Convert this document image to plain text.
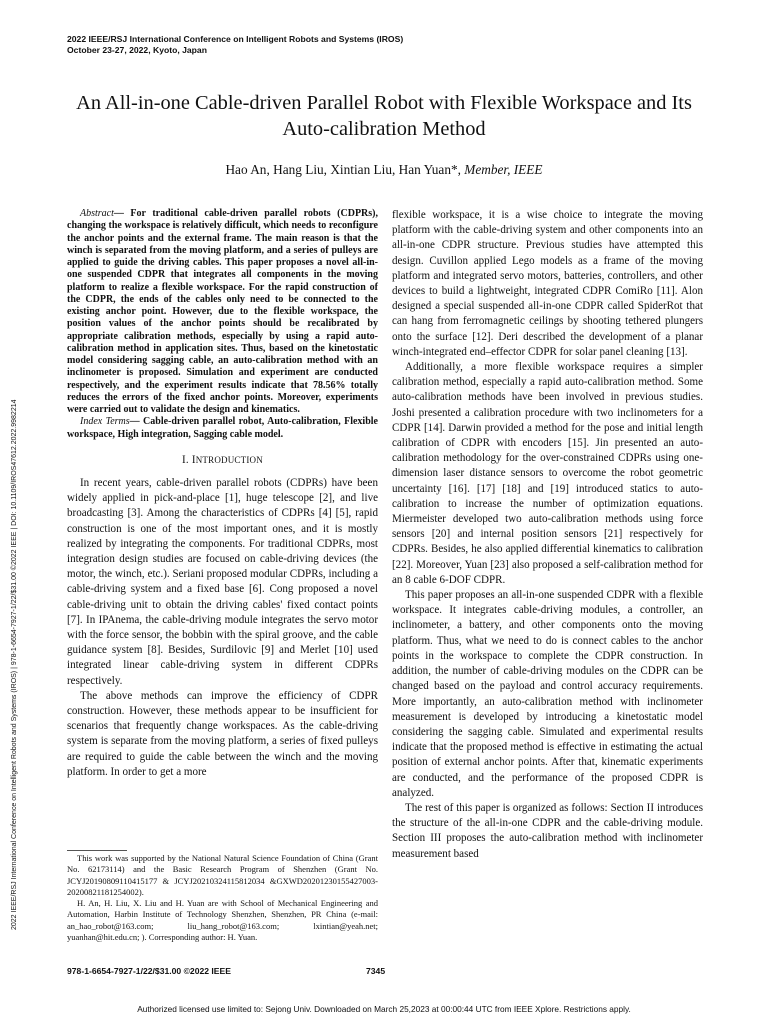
2022 IEEE/RSJ International Conference on Intelligent Robots and Systems (IROS)
October 23-27, 2022, Kyoto, Japan
2022 IEEE/RSJ International Conference on Intelligent Robots and Systems (IROS) | 978-1-6654-7927-1/22/$31.00 ©2022 IEEE | DOI: 10.1109/IROS47612.2022.9982214
An All-in-one Cable-driven Parallel Robot with Flexible Workspace and Its
Auto-calibration Method
Hao An, Hang Liu, Xintian Liu, Han Yuan*, Member, IEEE

Abstract— For traditional cable-driven parallel robots (CDPRs), changing the workspace is relatively difficult, which needs to reconfigure the anchor points and the external frame. The main reason is that the winch is separated from the moving platform, and a series of pulleys are applied to guide the driving cables. This paper proposes a novel all-in-one suspended CDPR that integrates all components in the moving platform to realize a flexible workspace. For the rapid construction of the CDPR, the ends of the cables only need to be connected to the existing anchor point. However, due to the flexible workspace, the position values of the anchor points should be recalibrated by appropriate calibration methods, especially by using a rapid auto-calibration method in application sites. Thus, based on the kinetostatic model considering sagging cable, an auto-calibration method with an inclinometer is proposed. Simulation and experiment are conducted respectively, and the experiment results indicate that 78.56% totally reduces the errors of the fixed anchor points. Moreover, experiments were carried out to validate the design and kinematics.

Index Terms— Cable-driven parallel robot, Auto-calibration, Flexible workspace, High integration, Sagging cable model.

I. INTRODUCTION

In recent years, cable-driven parallel robots (CDPRs) have been widely applied in pick-and-place [1], huge telescope [2], and live broadcasting [3]. Among the characteristics of CDPRs [4] [5], rapid construction is one of the most important ones, and it is mostly realized by integrating the components. For traditional CDPRs, most integration design studies are focused on cable-driving devices (the motor, the winch, etc.). Seriani proposed modular CDPRs, including a cable-driving system and a fixed base [6]. Cong proposed a novel cable-driving unit to obtain the driving cables' fixed contact points [7]. In IPAnema, the cable-driving module integrates the servo motor with the force sensor, the bobbin with the spiral groove, and the cable guidance system [8]. Besides, Surdilovic [9] and Merlet [10] used integrated linear cable-driving system in different CDPRs respectively.

The above methods can improve the efficiency of CDPR construction. However, these methods appear to be insufficient for scenarios that frequently change workspaces. As the cable-driving system is separate from the moving platform, a series of fixed pulleys are required to guide the cable between the winch and the moving platform. In order to get a more

This work was supported by the National Natural Science Foundation of China (Grant No. 62173114) and the Basic Research Program of Shenzhen (Grant No. JCYJ20190809110415177 & JCYJ20210324115812034 &GXWD20201230155427003-20200821181254002).

H. An, H. Liu, X. Liu and H. Yuan are with School of Mechanical Engineering and Automation, Harbin Institute of Technology Shenzhen, Shenzhen, PR China (e-mail: an_hao_robot@163.com; liu_hang_robot@163.com; lxintian@yeah.net; yuanhan@hit.edu.cn; ). Corresponding author: H. Yuan.

flexible workspace, it is a wise choice to integrate the moving platform with the cable-driving system and other components into an all-in-one CDPR structure. Previous studies have attempted this design. Cuvillon applied Lego models as a frame of the moving platform and integrated servo motors, batteries, controllers, and other devices to build a lightweight, integrated CDPR ComiRo [11]. Alon designed a special suspended all-in-one CDPR called SpiderRot that can hang from ferromagnetic ceilings by shooting tethered plungers onto the surface [12]. Deri described the development of a planar winch-integrated end–effector CDPR for solar panel cleaning [13].

Additionally, a more flexible workspace requires a simpler calibration method, especially a rapid auto-calibration method. Some auto-calibration methods have been involved in previous studies. Joshi presented a calibration procedure with two inclinometers for a CDPR [14]. Darwin provided a method for the pose and initial length calibration of CDPR with encoders [15]. Jin presented an auto-calibration methodology for the over-constrained CDPRs using one-dimension laser distance sensors to overcome the robot geometric uncertainty [16]. [17] [18] and [19] introduced statics to auto-calibration to increase the number of optimization equations. Miermeister developed two auto-calibration methods using force sensors [20] and internal position sensors [21] respectively for CDPRs. Besides, he also applied differential kinematics to calibration [22]. Moreover, Yuan [23] also proposed a self-calibration method for an 8 cable 6-DOF CDPR.

This paper proposes an all-in-one suspended CDPR with a flexible workspace. It integrates cable-driving modules, a controller, an inclinometer, a battery, and other components onto the moving platform. Thus, what we need to do is connect cables to the anchor points in the workspace to complete the CDPR construction. In addition, the number of cable-driving modules on the CDPR can be changed based on the payload and control accuracy requirements. More importantly, an auto-calibration method with inclinometer measurement is developed by introducing a kinetostatic model considering the sagging cable. Simulated and experimental results indicate that the proposed method is effective in estimating the actual position of external anchor points. After that, kinematic experiments are conducted, and the performance of the proposed CDPR is analyzed.

The rest of this paper is organized as follows: Section II introduces the structure of the all-in-one CDPR and the cable-driving module. Section III proposes the auto-calibration method with inclinometer measurement based

978-1-6654-7927-1/22/$31.00 ©2022 IEEE	7345
Authorized licensed use limited to: Sejong Univ. Downloaded on March 25,2023 at 00:00:44 UTC from IEEE Xplore. Restrictions apply.
